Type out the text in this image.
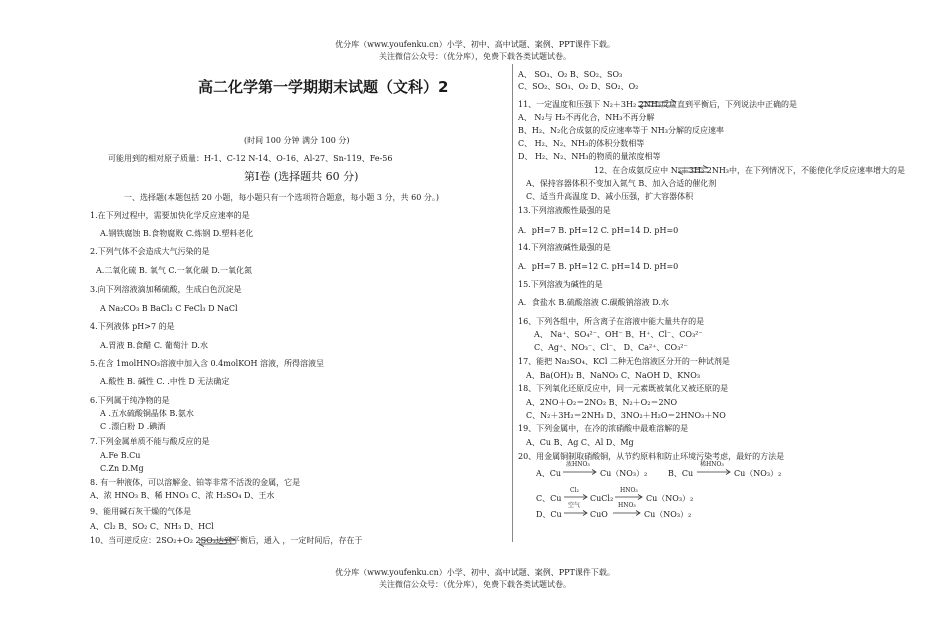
优分库（www.youfenku.cn）小学、初中、高中试题、案例、PPT课件下载。
关注微信公众号：（优分库），免费下载各类试题试卷。
高二化学第一学期期末试题（文科）2
(时间 100 分钟 满分 100 分)
可能用到的相对原子质量：H-1、C-12 N-14、O-16、Al-27、Sn-119、Fe-56
第Ⅰ卷 (选择题共 60 分)
一、选择题(本题包括 20 小题，每小题只有一个选项符合题意，每小题 3 分，共 60 分。)
1.在下列过程中，需要加快化学反应速率的是
A.钢铁腐蚀 B.食物腐败 C.炼钢 D.塑料老化
2.下列气体不会造成大气污染的是
A.二氧化硫 B. 氧气 C.一氧化碳 D.一氧化氮
3.向下列溶液滴加稀硫酸，生成白色沉淀是
A Na₂CO₃ B BaCl₂ C FeCl₃ D NaCl
4.下列液体 pH>7 的是
A.胃液 B.食醋 C. 葡萄汁 D.水
5.在含 1molHNO₃溶液中加入含 0.4molKOH 溶液，所得溶液呈
A.酸性 B. 碱性 C. .中性 D 无法确定
6.下列属于纯净物的是
A .五水硫酸铜晶体 B.氨水
C .漂白粉 D .碘酒
7.下列金属单质不能与酸反应的是
A.Fe B.Cu
C.Zn D.Mg
8. 有一种液体，可以溶解金、铂等非常不活泼的金属，它是
A、浓 HNO₃ B、稀 HNO₃ C、浓 H₂SO₄ D、王水
9、能用碱石灰干燥的气体是
A、Cl₂ B、SO₂ C、NH₃ D、HCl
10、当可逆反应：2SO₂+O₂ 2SO₃达到平衡后，通入 ，一定时间后，存在于
A、 SO₃、O₂ B、SO₂、SO₃
C、SO₂、SO₃、O₂ D、SO₂、O₂
11、一定温度和压强下 N₂＋3H₂ 2NH₃反应直到平衡后，下列说法中正确的是
A、 N₂与 H₂不再化合，NH₃不再分解
B、H₂、N₂化合成氨的反应速率等于 NH₃分解的反应速率
C、 H₂、N₂、NH₃的体积分数相等
D、 H₂、N₂、NH₃的物质的量浓度相等
12、在合成氨反应中 N₂＋3H₂ 2NH₃中，在下列情况下，不能使化学反应速率增大的是
A、保持容器体积不变加入氮气 B、加入合适的催化剂
C、适当升高温度 D、减小压强，扩大容器体积
13.下列溶液酸性最强的是
A．pH=7 B. pH=12 C. pH=14 D. pH=0
14.下列溶液碱性最强的是
A．pH=7 B. pH=12 C. pH=14 D. pH=0
15.下列溶液为碱性的是
A．食盐水 B.硫酸溶液 C.碳酸钠溶液 D.水
16、下列各组中，所含离子在溶液中能大量共存的是
A、 Na⁺、SO₄²⁻、OH⁻ B、H⁺、Cl⁻、CO₃²⁻
C、Ag⁺、NO₃⁻、Cl⁻、 D、Ca²⁺、CO₃²⁻
17、能把 Na₂SO₄、KCl 二种无色溶液区分开的一种试剂是
A、Ba(OH)₂ B、NaNO₃ C、NaOH D、KNO₃
18、下列氧化还原反应中，同一元素既被氧化又被还原的是
A、2NO＋O₂＝2NO₂ B、N₂＋O₂＝2NO
C、N₂＋3H₂＝2NH₃ D、3NO₂＋H₂O＝2HNO₃＋NO
19、下列金属中，在冷的浓硝酸中最难溶解的是
A、Cu B、Ag C、Al D、Mg
20、用金属铜制取硝酸铜，从节约原料和防止环境污染考虑，最好的方法是
A、Cu
浓HNO₃
Cu（NO₃）₂	B、Cu
稀HNO₃
Cu（NO₃）₂
C、Cu
Cl₂
CuCl₂
HNO₃
Cu（NO₃）₂
D、Cu
空气
CuO
HNO₃
Cu（NO₃）₂
优分库（www.youfenku.cn）小学、初中、高中试题、案例、PPT课件下载。
关注微信公众号：（优分库），免费下载各类试题试卷。
